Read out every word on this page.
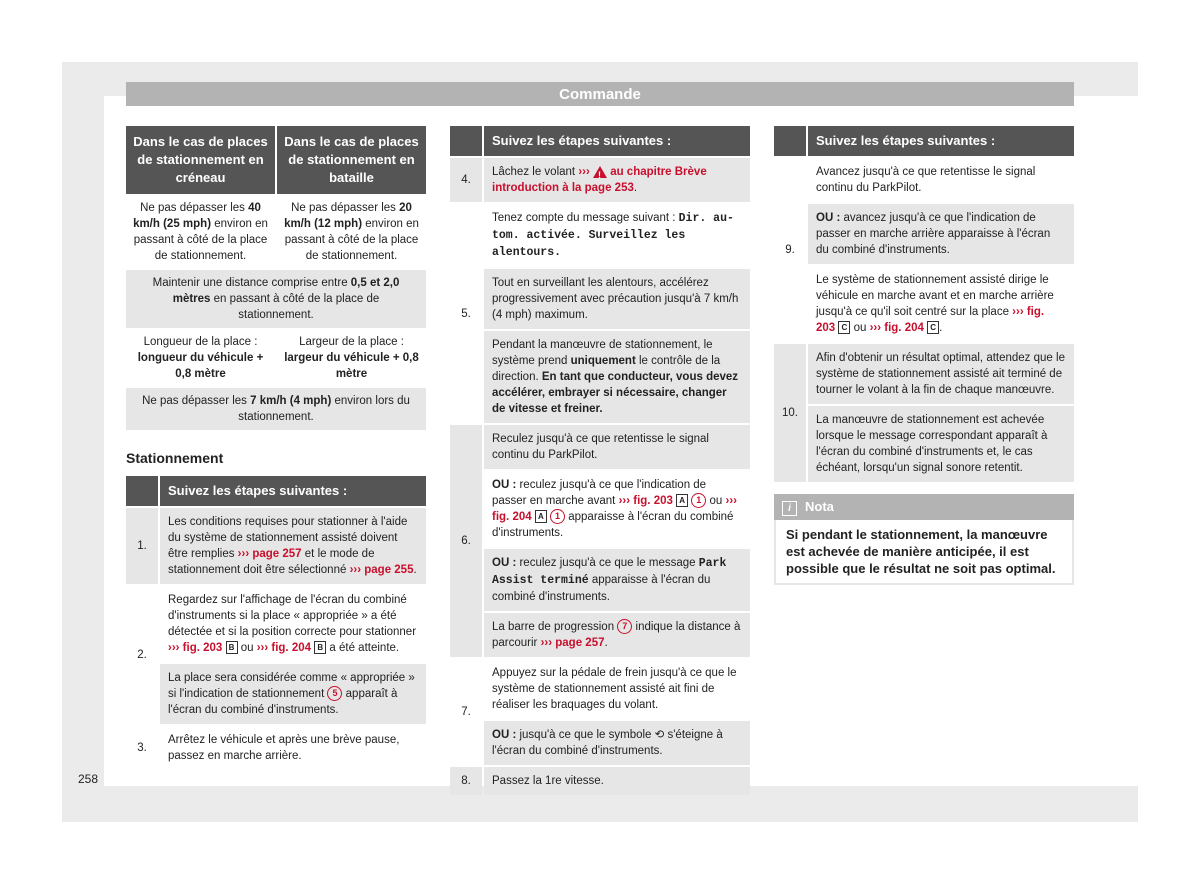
Commande
Dans le cas de places de stationnement en créneau
Dans le cas de places de stationnement en bataille
Ne pas dépasser les 40 km/h (25 mph) environ en passant à côté de la place de stationnement.
Ne pas dépasser les 20 km/h (12 mph) environ en passant à côté de la place de stationnement.
Maintenir une distance comprise entre 0,5 et 2,0 mètres en passant à côté de la place de stationnement.
Longueur de la place : longueur du véhicule + 0,8 mètre
Largeur de la place : largeur du véhicule + 0,8 mètre
Ne pas dépasser les 7 km/h (4 mph) environ lors du stationnement.
Stationnement
Suivez les étapes suivantes :
1.
Les conditions requises pour stationner à l'aide du système de stationnement assisté doivent être remplies ››› page 257 et le mode de stationnement doit être sélectionné ››› page 255.
2.
Regardez sur l'affichage de l'écran du combiné d'instruments si la place « appropriée » a été détectée et si la position correcte pour stationner ››› fig. 203 B ou ››› fig. 204 B a été atteinte.
La place sera considérée comme « appropriée » si l'indication de stationnement 5 apparaît à l'écran du combiné d'instruments.
3.
Arrêtez le véhicule et après une brève pause, passez en marche arrière.
Suivez les étapes suivantes :
4.
Lâchez le volant ››› ! au chapitre Brève introduction à la page 253.
5.
Tenez compte du message suivant : Dir. au-tom. activée. Surveillez les alentours.
Tout en surveillant les alentours, accélérez progressivement avec précaution jusqu'à 7 km/h (4 mph) maximum.
Pendant la manœuvre de stationnement, le système prend uniquement le contrôle de la direction. En tant que conducteur, vous devez accélérer, embrayer si nécessaire, changer de vitesse et freiner.
6.
Reculez jusqu'à ce que retentisse le signal continu du ParkPilot.
OU : reculez jusqu'à ce que l'indication de passer en marche avant ››› fig. 203 A 1 ou ››› fig. 204 A 1 apparaisse à l'écran du combiné d'instruments.
OU : reculez jusqu'à ce que le message Park Assist terminé apparaisse à l'écran du combiné d'instruments.
La barre de progression 7 indique la distance à parcourir ››› page 257.
7.
Appuyez sur la pédale de frein jusqu'à ce que le système de stationnement assisté ait fini de réaliser les braquages du volant.
OU : jusqu'à ce que le symbole ⟲ s'éteigne à l'écran du combiné d'instruments.
8.	Passez la 1re vitesse.
Suivez les étapes suivantes :
9.
Avancez jusqu'à ce que retentisse le signal continu du ParkPilot.
OU : avancez jusqu'à ce que l'indication de passer en marche arrière apparaisse à l'écran du combiné d'instruments.
Le système de stationnement assisté dirige le véhicule en marche avant et en marche arrière jusqu'à ce qu'il soit centré sur la place ››› fig. 203 C ou ››› fig. 204 C .
10.
Afin d'obtenir un résultat optimal, attendez que le système de stationnement assisté ait terminé de tourner le volant à la fin de chaque manœuvre.
La manœuvre de stationnement est achevée lorsque le message correspondant apparaît à l'écran du combiné d'instruments et, le cas échéant, lorsqu'un signal sonore retentit.
i Nota
Si pendant le stationnement, la manœuvre est achevée de manière anticipée, il est possible que le résultat ne soit pas optimal.
258
